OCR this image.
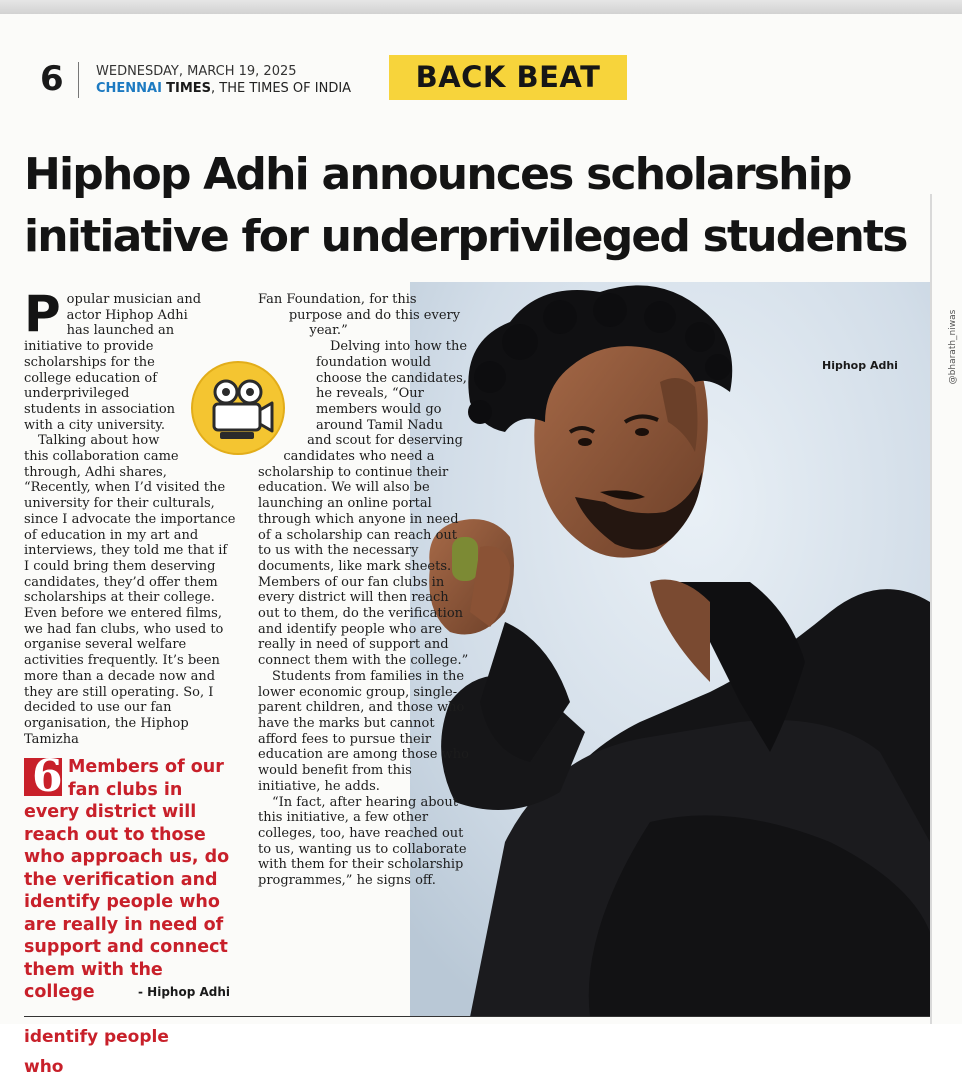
6 WEDNESDAY, MARCH 19, 2025
CHENNAI TIMES, THE TIMES OF INDIA	BACK BEAT
Hiphop Adhi announces scholarship
initiative for underprivileged students
Hiphop Adhi	@bharath_niwas
P opular musician and actor Hiphop Adhi has launched an initiative to provide scholarships for the college education of underprivileged students in association with a city university.

Talking about how this collaboration came through, Adhi shares, “Recently, when I’d visited the university for their culturals, since I advocate the importance of education in my art and interviews, they told me that if I could bring them deserving candidates, they’d offer them scholarships at their college. Even before we entered films, we had fan clubs, who used to organise several welfare activities frequently. It’s been more than a decade now and they are still operating. So, I decided to use our fan organisation, the Hiphop Tamizha

Fan Foundation, for this purpose and do this every year.”

Delving into how the foundation would choose the candidates, he reveals, “Our members would go around Tamil Nadu and scout for deserving candidates who need a scholarship to continue their education. We will also be launching an online portal through which anyone in need of a scholarship can reach out to us with the necessary documents, like mark sheets. Members of our fan clubs in every district will then reach out to them, do the verification and identify people who are really in need of support and connect them with the college.”

Students from families in the lower economic group, single-parent children, and those who have the marks but cannot afford fees to pursue their education are among those who would benefit from this initiative, he adds.

“In fact, after hearing about this initiative, a few other colleges, too, have reached out to us, wanting us to collaborate with them for their scholarship programmes,” he signs off.

6 Members of our fan clubs in every district will reach out to those who approach us, do the verification and identify people who are really in need of support and connect them with the college	- Hiphop Adhi
identify people who
